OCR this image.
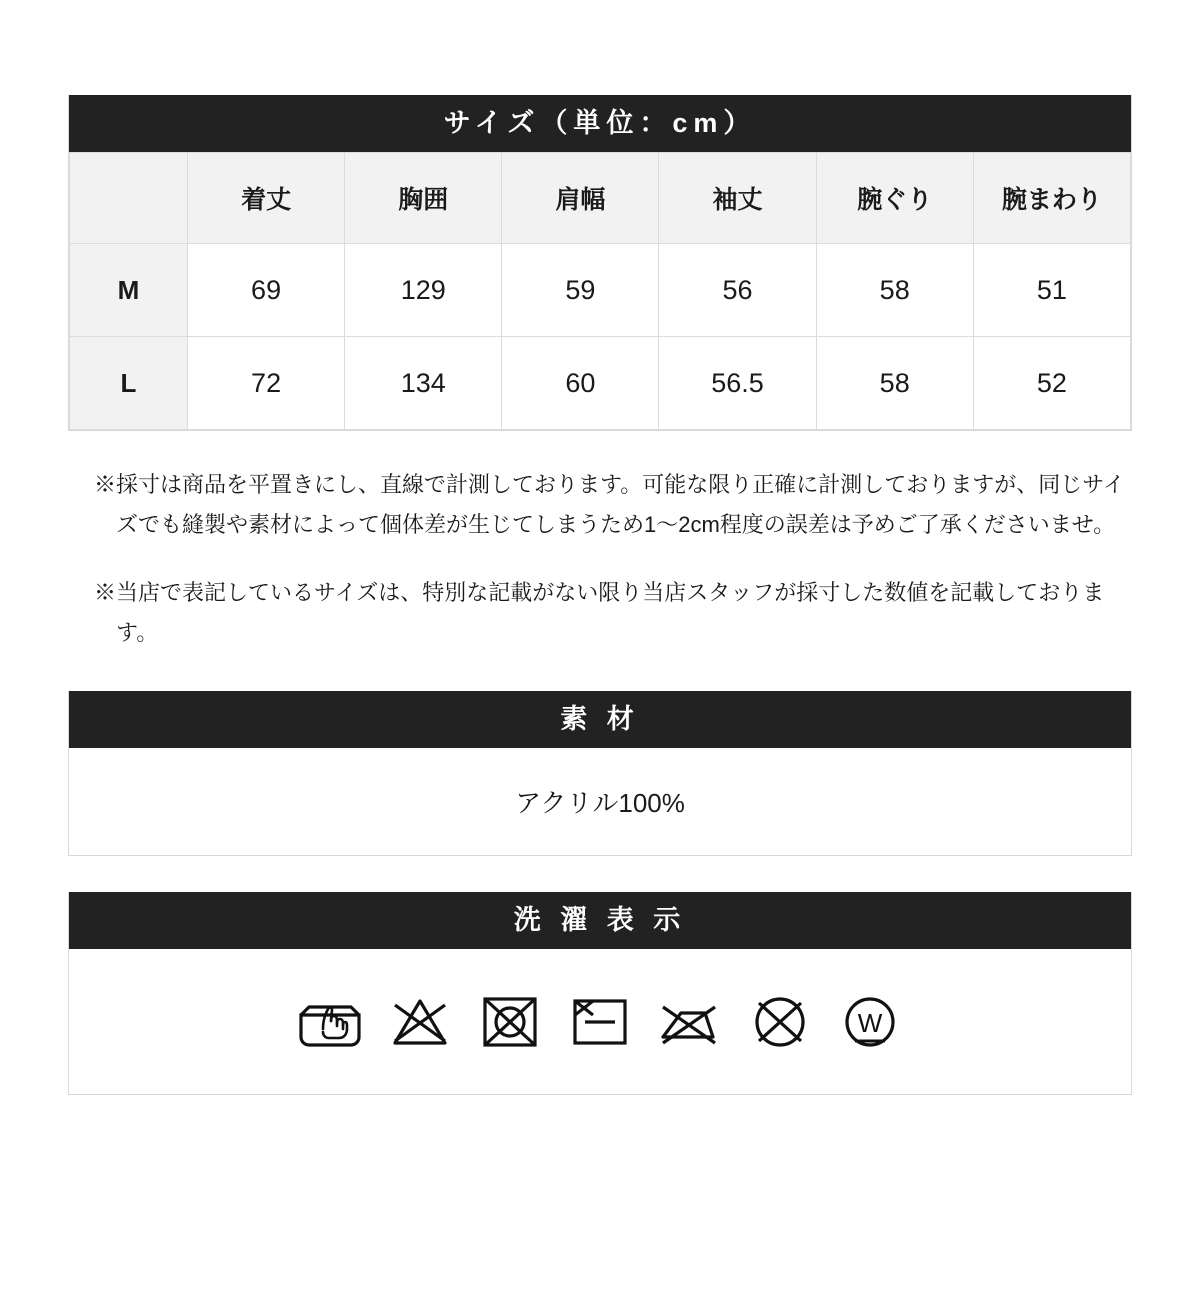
サイズ（単位：cm）
	着丈	胸囲	肩幅	袖丈	腕ぐり	腕まわり
M	69	129	59	56	58	51
L	72	134	60	56.5	58	52

※採寸は商品を平置きにし、直線で計測しております。可能な限り正確に計測しておりますが、同じサイズでも縫製や素材によって個体差が生じてしまうため1〜2cm程度の誤差は予めご了承くださいませ。

※当店で表記しているサイズは、特別な記載がない限り当店スタッフが採寸した数値を記載しております。

素 材
アクリル100%
洗 濯 表 示
W
